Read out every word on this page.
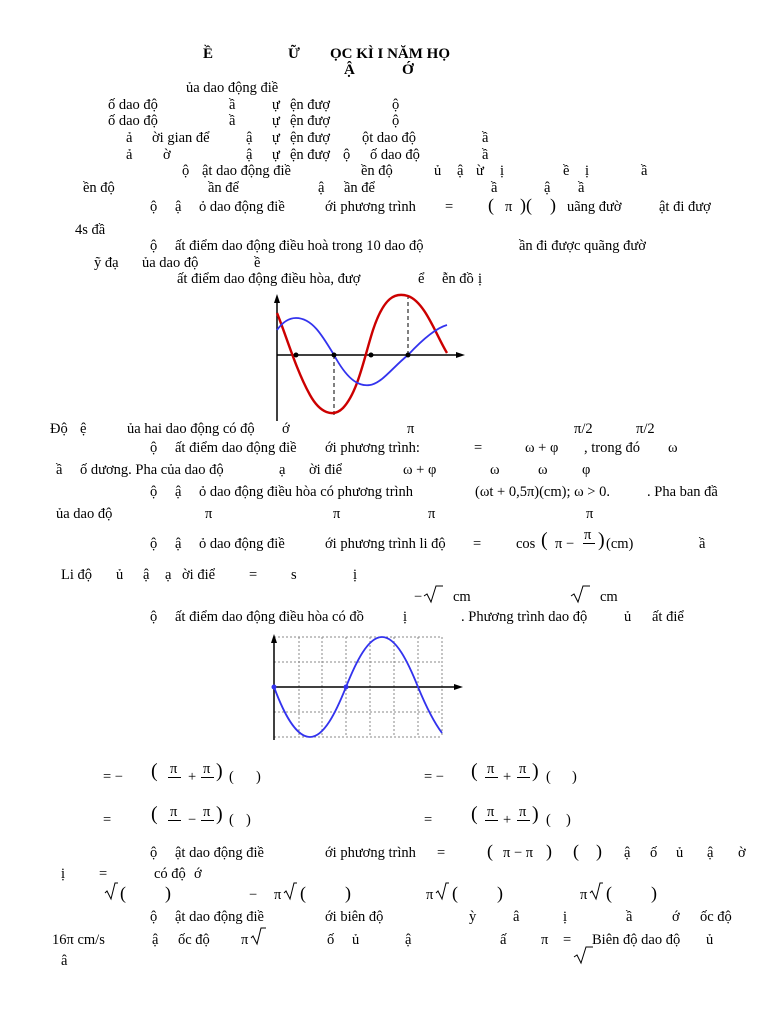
Ề	Ữ ỌC KÌ I NĂM HỌ
Ậ	Ớ
ủa dao động điề
ố dao độ	ầ	ự ện đượ	ộ
ố dao độ	ầ	ự ện đượ	ộ
ả ời gian để	ậ ự ện đượ ột dao độ	ầ
ả ờ	ậ ự ện đượ ộ ố dao độ	ầ
ộ ật dao động điề	ền độ	ủ ậ ừ ị	ề ị	ầ
ền độ	ần để	ậ ần để	ầ	ậ ầ
ộ ậ ỏ dao động điề	ới phương trình = ( π )( ) uãng đườ	ật đi đượ
4s đầ
ộ ất điểm dao động điều hoà trong 10 dao độ	ần đi được quãng đườ
ỹ đạ ủa dao độ	ề
ất điểm dao động điều hòa, đượ	ể ễn đồ ị
Độ ệ	ủa hai dao động có độ ớ	π	π/2	π/2
ộ ất điểm dao động điề ới phương trình:	=	ω + φ , trong đó ω
ầ ố dương. Pha của dao độ	ạ ời điể	ω + φ	ω	ω φ
ộ ậ ỏ dao động điều hòa có phương trình	(ωt + 0,5π)(cm); ω > 0.	. Pha ban đầ
ủa dao độ	π	π	π	π
ộ ậ ỏ dao động điề	ới phương trình li độ = cos ( π −
π ) (cm)	ầ
Li độ ủ ậ ạ ời điể = s	ị
− cm	cm
ộ ất điểm dao động điều hòa có đồ	ị	. Phương trình dao độ	ủ ất điể
= − ( π + π ) ( )	= − ( π + π ) ( )
= ( π − π ) ( )	= ( π + π ) ( )
ộ ật dao động điề	ới phương trình = ( π − π ) ( ) ậ ố ủ ậ ờ
ị =	có độ ớ
( )	− π ( )	π ( )	π ( )
ộ ật dao động điề	ới biên độ	ỳ	â	ị	ầ	ớ ốc độ
16π cm/s	ậ ốc độ π	ố ủ	ậ	ấ π = Biên độ dao độ ủ
â
